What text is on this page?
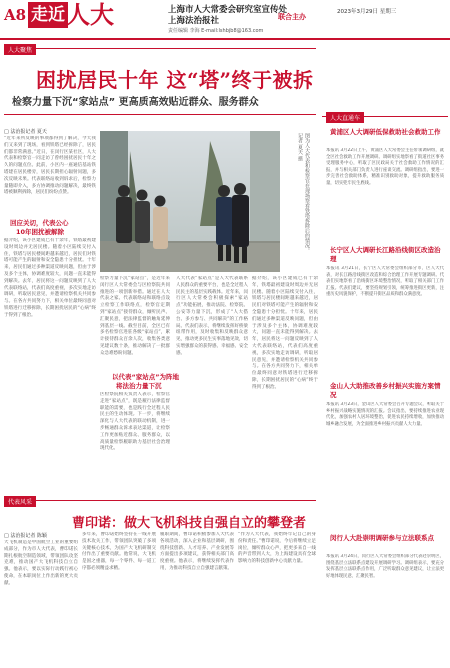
A8 走近 人大	上海市人大常委会研究室宣传处
上海法治报社
责任编辑 李海 E-mail:lshbjb8@163.com
联合主办
2023年3月29日 星期三
人大聚焦
困扰居民十年 这“塔”终于被拆
检察力量下沉“家站点” 更高质高效贴近群众、服务群众
□ 法治报记者 夏天
“近年来所反映的事项都得到了解决，今天我们又来到了现场，看到铁塔已经拆除了，居民们都非常满意。”近日，在闵行区某社区，人大代表和检察官一同走访了曾经困扰居民十年之久的问题点位。此前，小区内一座通信基站铁塔建在居民楼旁，居民长期担心辐射问题，多次反映未果。代表联络站收到诉求后，检察力量随即介入，多方协调推动问题解决，最终铁塔被顺利拆除，居民们纷纷点赞。
回应关切，代表公心
10年困扰被解除
据介绍，该小区建成已有十余年，铁塔最初建设时周边并无居民楼。随着小区陆续交付入住，铁塔与居民楼间距越来越近，居民们对铁塔可能产生的辐射和安全隐患十分担忧。十年来，居民们通过多种渠道反映问题，但由于涉及多个主体，协调难度较大，问题一直未能得到解决。去年，居民将这一问题反映到了人大代表联络站，代表们高度重视，多次实地走访调研，听取居民意见，并邀请检察机关共同参与。在各方共同努力下，相关单位最终同意对铁塔进行迁移拆除，长期困扰居民的“心病”终于得到了根治。
图为人大代表和检察官在现场察看铁塔拆除后的情况。记者 夏天 摄
检察力量下沉“家站点”，是近年来闵行区人大常委会与区检察院共同推进的一项创新举措。通过在人大代表之家、代表联络站和联络点设立检察工作联络点，检察官定期到“家站点”接待群众，倾听民声、汇聚民意，把法律监督的触角延伸到基层一线。截至目前，全区已有多名检察官进驻各级“家站点”，累计接待群众百余人次，收集各类意见建议数十条，推动解决了一批群众急难愁盼问题。
以代表“家站点”为阵地
将法治力量下沉
区检察院相关负责人表示，检察官走进“家站点”，既是履行法律监督职能的需要，也是践行全过程人民民主的生动体现。下一步，将继续深化与人大代表的联动机制，进一步畅通群众诉求表达渠道，让检察工作更加贴近群众、服务群众，以高质量检察履职助力基层社会治理现代化。
人大代表“家站点”是人大代表联系人民群众的重要平台，也是全过程人民民主的基层实践载体。近年来，闵行区人大常委会积极探索“家站点”功能拓展，推动法院、检察院、公安等力量下沉，形成了“人大搭台、多方参与、共同解决”的工作格局。代表们表示，将继续发挥好桥梁纽带作用，及时收集和反映群众意见，推动更多民生实事落地见效，切实增强群众的获得感、幸福感、安全感。
据介绍，该小区建成已有十余年，铁塔最初建设时周边并无居民楼。随着小区陆续交付入住，铁塔与居民楼间距越来越近，居民们对铁塔可能产生的辐射和安全隐患十分担忧。十年来，居民们通过多种渠道反映问题，但由于涉及多个主体，协调难度较大，问题一直未能得到解决。去年，居民将这一问题反映到了人大代表联络站，代表们高度重视，多次实地走访调研，听取居民意见，并邀请检察机关共同参与。在各方共同努力下，相关单位最终同意对铁塔进行迁移拆除，长期困扰居民的“心病”终于得到了根治。
人大直通车
黄浦区人大调研低保救助社会救助工作
本报讯 3月22日上午，黄浦区人大常委会主任带领调研组，就全区社会救助工作开展调研。调研组实地察看了街道社区事务受理服务中心，听取了区民政局关于社会救助工作情况的汇报，并与相关部门负责人进行座谈交流。调研组指出，要进一步完善社会救助体系，精准识别救助对象，提升救助服务质量，切实兜牢民生底线。
长宁区人大调研长江路沿线街区改造治理
本报讯 3月21日，长宁区人大常委会组织部分市、区人大代表，对长江路沿线街区改造和综合治理工作开展专题调研。代表们实地察看了沿线街区环境整治情况，听取了相关部门工作汇报。代表们建议，要坚持规划引领，统筹推进街区更新，注重历史风貌保护，不断提升街区品质和群众满意度。
金山人大助推改善乡村振兴实施方案情况
本报讯 3月23日，金山区人大常委会召开专题会议，听取关于乡村振兴战略实施情况的汇报。会议指出，要持续推进农业现代化，加强农村人居环境整治，促进农民持续增收，加快推动城乡融合发展，为全面推进乡村振兴贡献人大力量。
闵行人大赴崇明调研参与立法联系点
本报讯 3月24日，闵行区人大常委会组织部分代表赴崇明区，围绕基层立法联系点建设开展调研学习。调研组表示，要充分发挥基层立法联系点作用，广泛听取群众意见建议，让立法更好地体现民意、汇聚民智。
代表风采
曹印诺：做大飞机科技自强自立的攀登者
□ 法治报记者 陈颖
大飞机制造是中国航空工业的重要组成部分，作为市人大代表，曹印诺长期扎根航空制造领域，带领团队攻坚克难，推动国产大飞机科技自立自强。他表示，要以实际行动践行初心使命，在本职岗位上作出新的更大贡献。
多年来，曹印诺始终坚持在一线开展技术攻关工作，带领团队突破了多项关键核心技术，为国产大飞机研制交付作出了重要贡献。他常说，大飞机是国之重器，每一个零件、每一道工序都必须精益求精。
履职期间，曹印诺积极参加人大代表各项活动，深入企业和基层调研，围绕科技创新、人才培养、产业发展等方面提出多项建议，获得相关部门高度重视。他表示，将继续发挥代表作用，为推动科技自立自强建言献策。
“作为人大代表，我始终牢记自己的身份和责任。”曹印诺说，今后将继续立足岗位，倾听群众心声，把更多来自一线的声音带到人大，为上海建设具有全球影响力的科技创新中心贡献力量。
